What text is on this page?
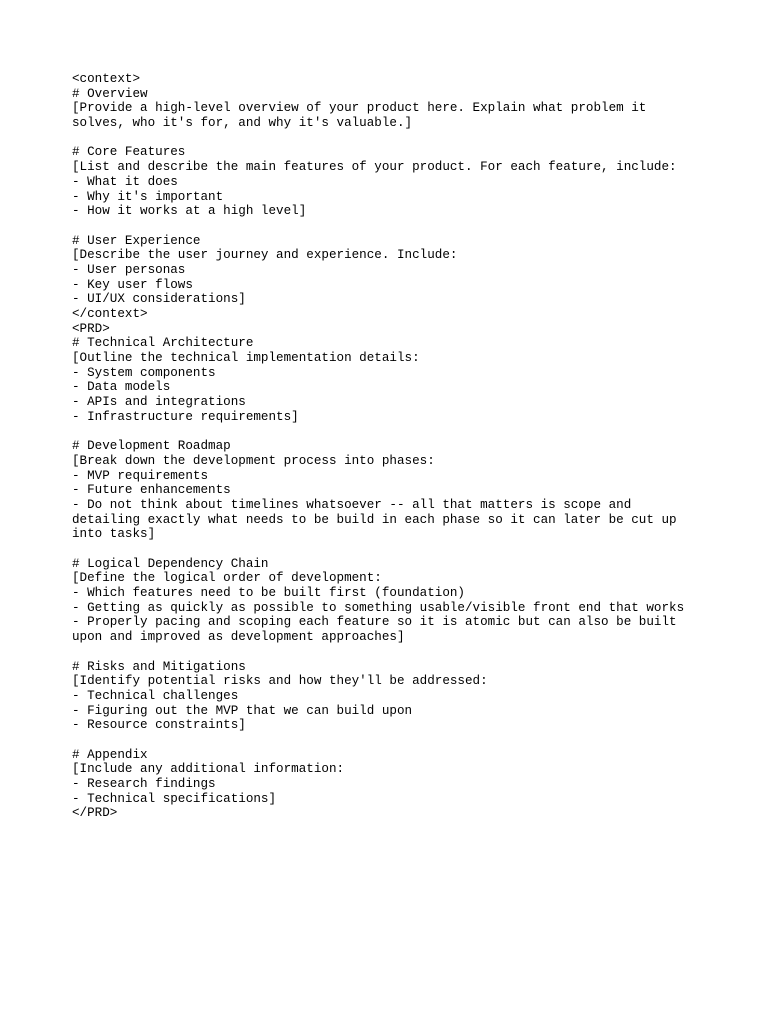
<context>
# Overview
[Provide a high-level overview of your product here. Explain what problem it
solves, who it's for, and why it's valuable.]
# Core Features
[List and describe the main features of your product. For each feature, include:
- What it does
- Why it's important
- How it works at a high level]
# User Experience
[Describe the user journey and experience. Include:
- User personas
- Key user flows
- UI/UX considerations]
</context>
<PRD>
# Technical Architecture
[Outline the technical implementation details:
- System components
- Data models
- APIs and integrations
- Infrastructure requirements]
# Development Roadmap
[Break down the development process into phases:
- MVP requirements
- Future enhancements
- Do not think about timelines whatsoever -- all that matters is scope and
detailing exactly what needs to be build in each phase so it can later be cut up
into tasks]
# Logical Dependency Chain
[Define the logical order of development:
- Which features need to be built first (foundation)
- Getting as quickly as possible to something usable/visible front end that works
- Properly pacing and scoping each feature so it is atomic but can also be built
upon and improved as development approaches]
# Risks and Mitigations
[Identify potential risks and how they'll be addressed:
- Technical challenges
- Figuring out the MVP that we can build upon
- Resource constraints]
# Appendix
[Include any additional information:
- Research findings
- Technical specifications]
</PRD>
